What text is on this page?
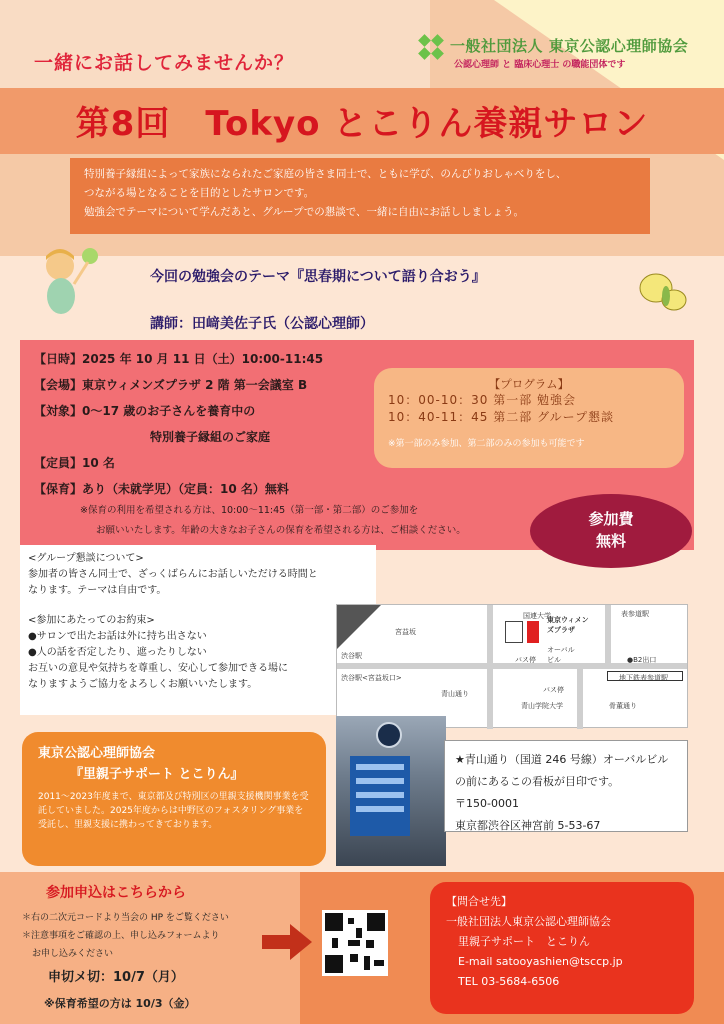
一緒にお話してみませんか？
一般社団法人 東京公認心理師協会
公認心理師 と 臨床心理士 の職能団体です
第8回　Tokyo とこりん養親サロン
特別養子縁組によって家族になられたご家庭の皆さま同士で、ともに学び、のんびりおしゃべりをし、
つながる場となることを目的としたサロンです。
勉強会でテーマについて学んだあと、グループでの懇談で、一緒に自由にお話ししましょう。
今回の勉強会のテーマ『思春期について語り合おう』
講師：田﨑美佐子氏（公認心理師）
【日時】2025 年 10 月 11 日（土）10:00-11:45
【会場】東京ウィメンズプラザ 2 階 第一会議室 B
【対象】0～17 歳のお子さんを養育中の
特別養子縁組のご家庭
【定員】10 名
【保育】あり（未就学児）（定員：10 名）無料
※保育の利用を希望される方は、10:00～11:45（第一部・第二部）のご参加を
お願いいたします。年齢の大きなお子さんの保育を希望される方は、ご相談ください。
【プログラム】
10：00-10：30 第一部 勉強会
10：40-11：45 第二部 グループ懇談
※第一部のみ参加、第二部のみの参加も可能です
参加費
無料
<グループ懇談について>
参加者の皆さん同士で、ざっくばらんにお話しいただける時間と
なります。テーマは自由です。
<参加にあたってのお約束>
●サロンで出たお話は外に持ち出さない
●人の話を否定したり、遮ったりしない
お互いの意見や気持ちを尊重し、安心して参加できる場に
なりますようご協力をよろしくお願いいたします。
国連大学
東京ウィメンズプラザ
オーバルビル
渋谷駅
渋谷駅<宮益坂口>
宮益坂
青山通り
青山学院大学	骨董通り
表参道駅
地下鉄表参道駅
●B2出口
バス停
バス停
★青山通り（国道 246 号線）オーバルビル
の前にあるこの看板が目印です。
〒150-0001
東京都渋谷区神宮前 5-53-67
東京公認心理師協会
『里親子サポート とこりん』
2011～2023年度まで、東京都及び特別区の里親支援機関事業を受託していました。2025年度からは中野区のフォスタリング事業を受託し、里親支援に携わってきております。
参加申込はこちらから
＊右の二次元コードより当会の HP をご覧ください
＊注意事項をご確認の上、申し込みフォームより
お申し込みください
申切メ切：10/7（月）
※保育希望の方は 10/3（金）
【問合せ先】
一般社団法人東京公認心理師協会
里親子サポート　とこりん
E-mail satooyashien@tsccp.jp
TEL 03-5684-6506
